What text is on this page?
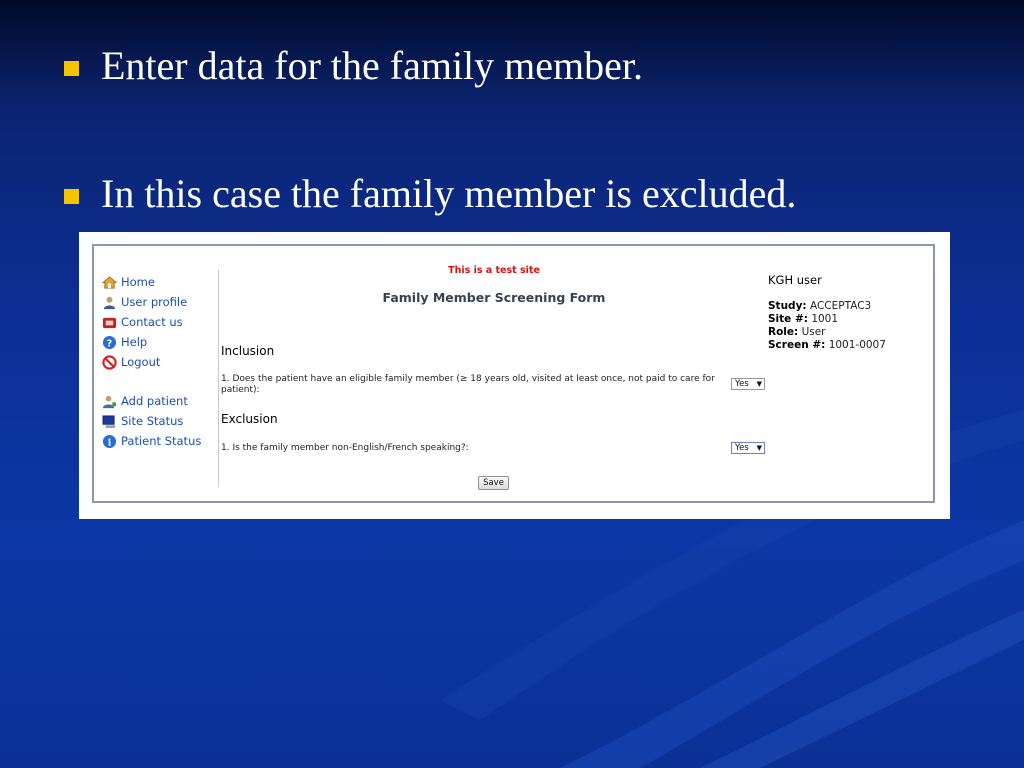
Enter data for the family member.
In this case the family member is excluded.
Home
User profile
Contact us
? Help
Logout
Add patient
Site Status
i Patient Status
This is a test site
Family Member Screening Form
Inclusion
1. Does the patient have an eligible family member (≥ 18 years old, visited at least once, not paid to care for patient):
Yes ▼
Exclusion
1. Is the family member non-English/French speaking?:	Yes ▼
Save
KGH user
Study: ACCEPTAC3
Site #: 1001
Role: User
Screen #: 1001-0007
